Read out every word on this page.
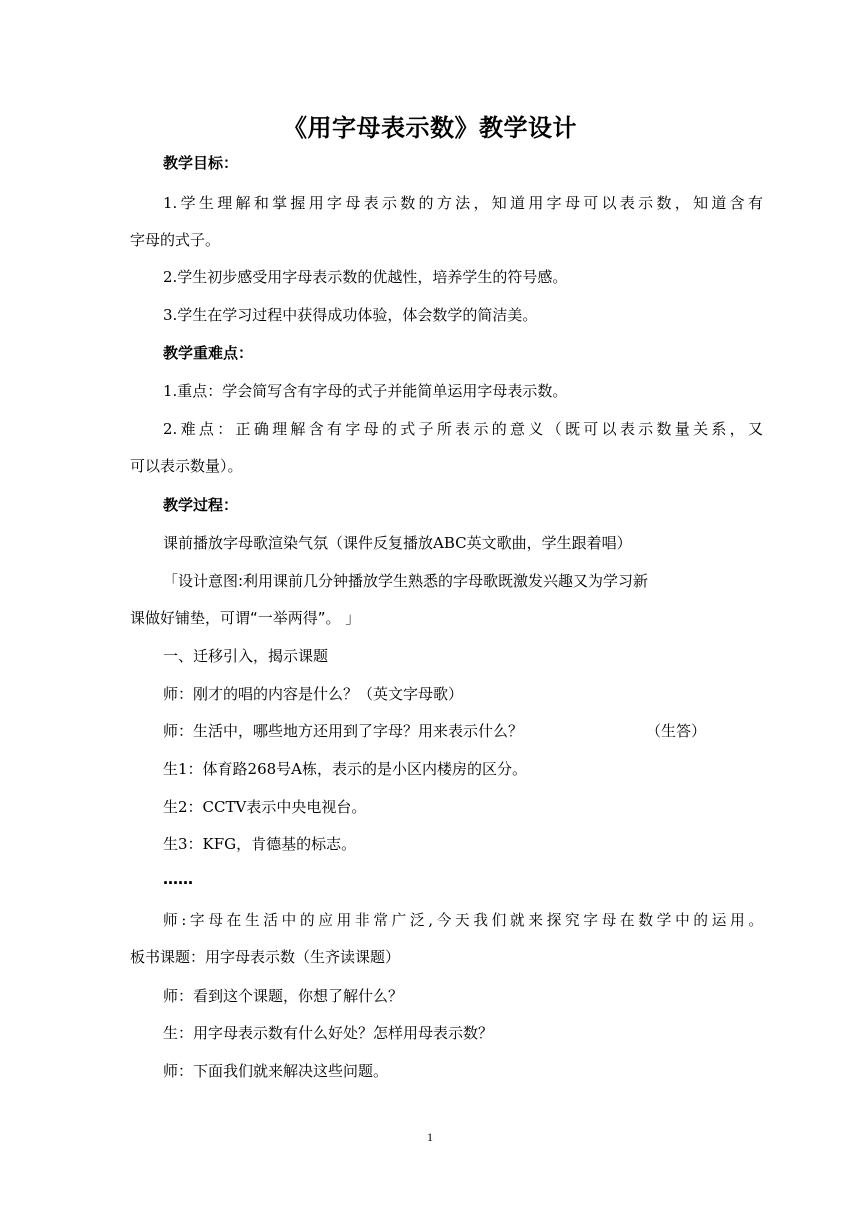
《用字母表示数》教学设计
教学目标：
1.学生理解和掌握用字母表示数的方法，知道用字母可以表示数，知道含有
字母的式子。
2.学生初步感受用字母表示数的优越性，培养学生的符号感。
3.学生在学习过程中获得成功体验，体会数学的简洁美。
教学重难点：
1.重点：学会简写含有字母的式子并能简单运用字母表示数。
2.难点：正确理解含有字母的式子所表示的意义（既可以表示数量关系，又
可以表示数量）。
教学过程：
课前播放字母歌渲染气氛（课件反复播放ABC英文歌曲，学生跟着唱）
「设计意图:利用课前几分钟播放学生熟悉的字母歌既激发兴趣又为学习新
课做好铺垫，可谓“一举两得”。 」
一、迁移引入，揭示课题
师：刚才的唱的内容是什么？（英文字母歌）
师：生活中，哪些地方还用到了字母？用来表示什么？	（生答）
生1：体育路268号A栋，表示的是小区内楼房的区分。
生2：CCTV表示中央电视台。
生3：KFG，肯德基的标志。
……
师:字母在生活中的应用非常广泛,今天我们就来探究字母在数学中的运用。
板书课题：用字母表示数（生齐读课题）
师：看到这个课题，你想了解什么？
生：用字母表示数有什么好处？怎样用母表示数？
师：下面我们就来解决这些问题。
1
